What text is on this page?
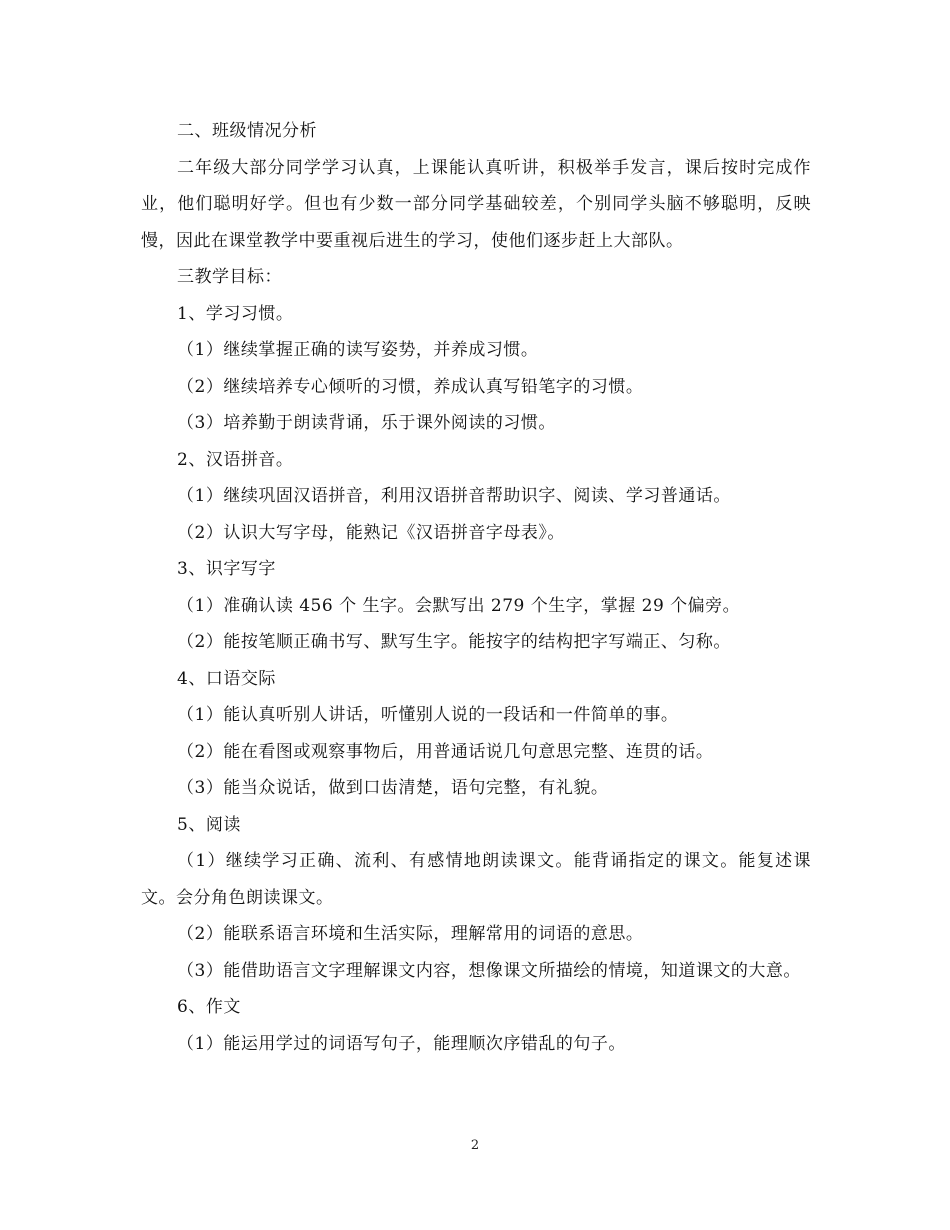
二、班级情况分析

二年级大部分同学学习认真，上课能认真听讲，积极举手发言，课后按时完成作业，他们聪明好学。但也有少数一部分同学基础较差，个别同学头脑不够聪明，反映慢，因此在课堂教学中要重视后进生的学习，使他们逐步赶上大部队。

三教学目标：

1、学习习惯。

（1）继续掌握正确的读写姿势，并养成习惯。

（2）继续培养专心倾听的习惯，养成认真写铅笔字的习惯。

（3）培养勤于朗读背诵，乐于课外阅读的习惯。

2、汉语拼音。

（1）继续巩固汉语拼音，利用汉语拼音帮助识字、阅读、学习普通话。

（2）认识大写字母，能熟记《汉语拼音字母表》。

3、识字写字

（1）准确认读 456 个 生字。会默写出 279 个生字，掌握 29 个偏旁。

（2）能按笔顺正确书写、默写生字。能按字的结构把字写端正、匀称。

4、口语交际

（1）能认真听别人讲话，听懂别人说的一段话和一件简单的事。

（2）能在看图或观察事物后，用普通话说几句意思完整、连贯的话。

（3）能当众说话，做到口齿清楚，语句完整，有礼貌。

5、阅读

（1）继续学习正确、流利、有感情地朗读课文。能背诵指定的课文。能复述课文。会分角色朗读课文。

（2）能联系语言环境和生活实际，理解常用的词语的意思。

（3）能借助语言文字理解课文内容，想像课文所描绘的情境，知道课文的大意。

6、作文

（1）能运用学过的词语写句子，能理顺次序错乱的句子。

2
